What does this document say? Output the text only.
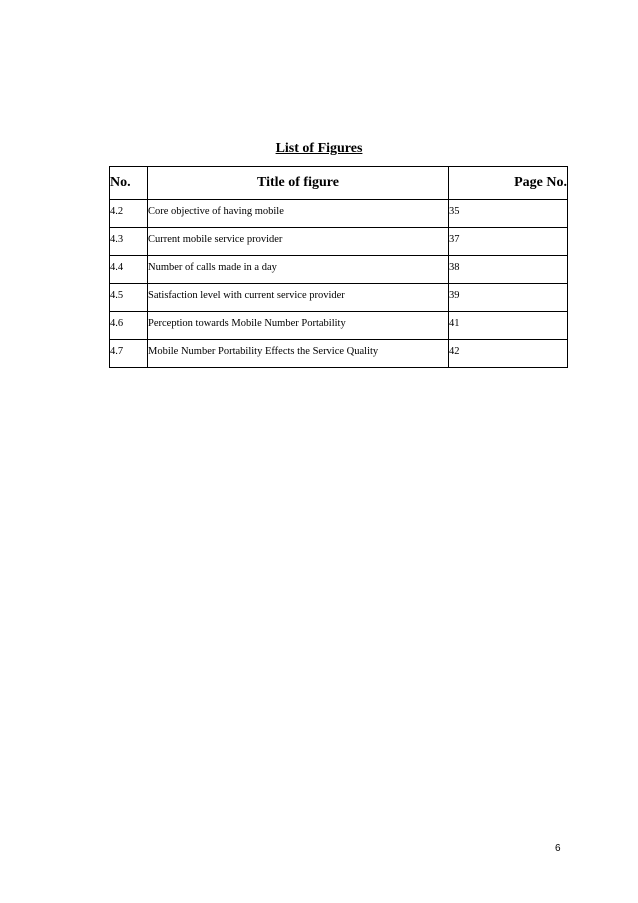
List of Figures
No.	Title of figure	Page No.
4.2	Core objective of having mobile	35
4.3	Current mobile service provider	37
4.4	Number of calls made in a day	38
4.5	Satisfaction level with current service provider	39
4.6	Perception towards Mobile Number Portability	41
4.7	Mobile Number Portability Effects the Service Quality	42
6
